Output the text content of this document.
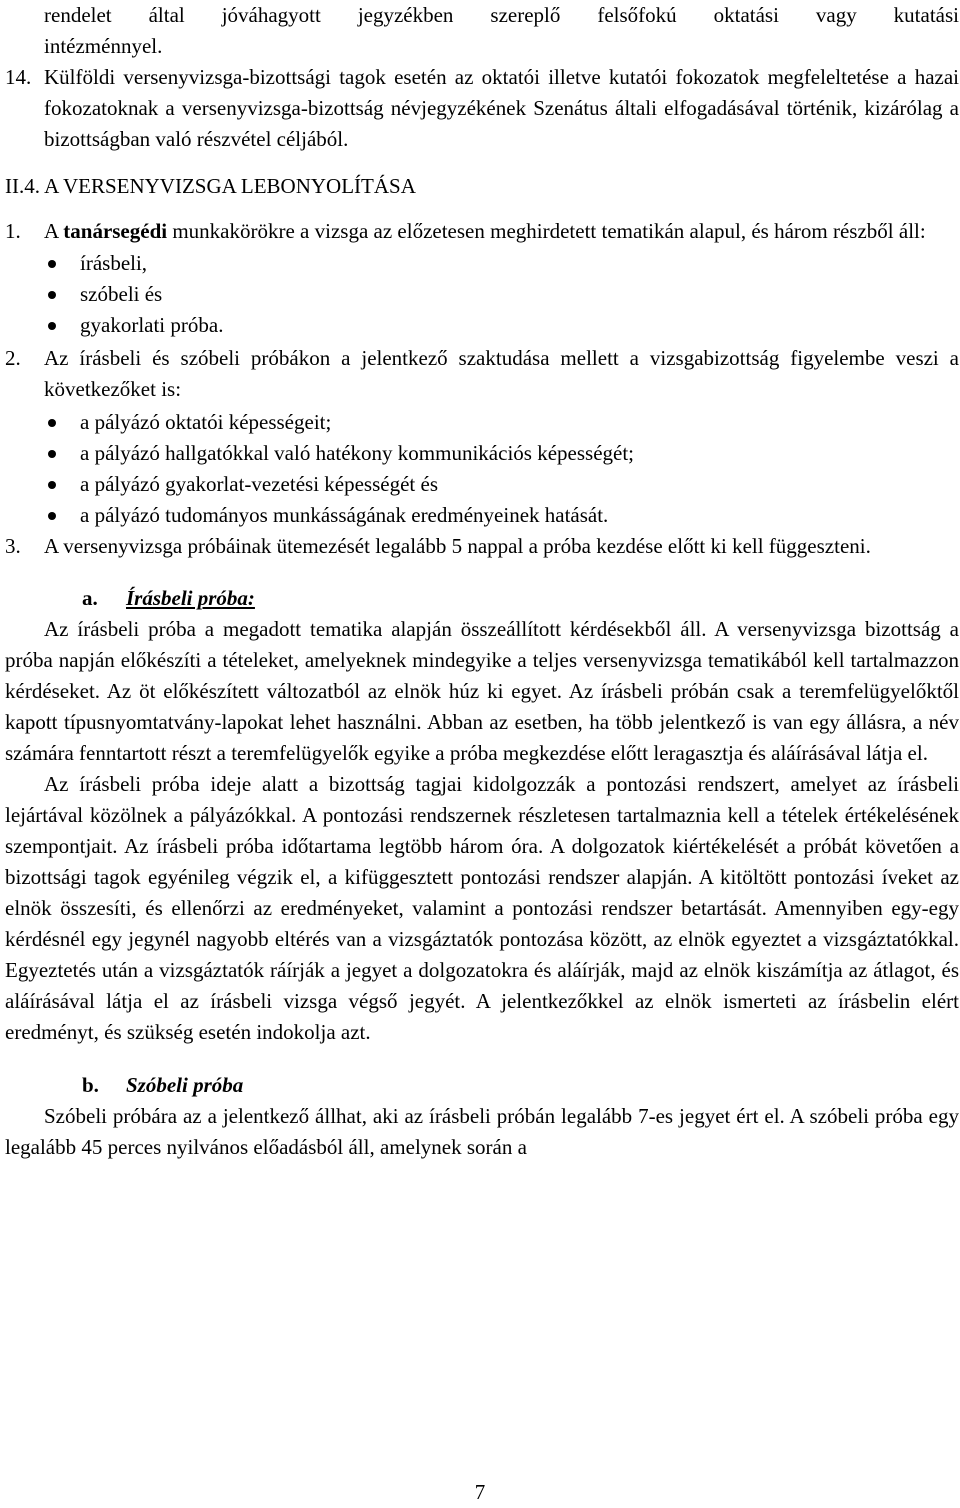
rendelet által jóváhagyott jegyzékben szereplő felsőfokú oktatási vagy kutatási

intézménnyel.

14. Külföldi versenyvizsga-bizottsági tagok esetén az oktatói illetve kutatói fokozatok megfeleltetése a hazai fokozatoknak a versenyvizsga-bizottság névjegyzékének Szenátus általi elfogadásával történik, kizárólag a bizottságban való részvétel céljából.

II.4. A VERSENYVIZSGA LEBONYOLÍTÁSA

1.	A tanársegédi munkakörökre a vizsga az előzetesen meghirdetett tematikán alapul, és három részből áll:
írásbeli,
szóbeli és
gyakorlati próba.
2.	Az írásbeli és szóbeli próbákon a jelentkező szaktudása mellett a vizsgabizottság figyelembe veszi a következőket is:
a pályázó oktatói képességeit;
a pályázó hallgatókkal való hatékony kommunikációs képességét;
a pályázó gyakorlat-vezetési képességét és
a pályázó tudományos munkásságának eredményeinek hatását.
3.	A versenyvizsga próbáinak ütemezését legalább 5 nappal a próba kezdése előtt ki kell függeszteni.
a.	Írásbeli próba:

Az írásbeli próba a megadott tematika alapján összeállított kérdésekből áll. A versenyvizsga bizottság a próba napján előkészíti a tételeket, amelyeknek mindegyike a teljes versenyvizsga tematikából kell tartalmazzon kérdéseket. Az öt előkészített változatból az elnök húz ki egyet. Az írásbeli próbán csak a teremfelügyelőktől kapott típusnyomtatvány-lapokat lehet használni. Abban az esetben, ha több jelentkező is van egy állásra, a név számára fenntartott részt a teremfelügyelők egyike a próba megkezdése előtt leragasztja és aláírásával látja el.

Az írásbeli próba ideje alatt a bizottság tagjai kidolgozzák a pontozási rendszert, amelyet az írásbeli lejártával közölnek a pályázókkal. A pontozási rendszernek részletesen tartalmaznia kell a tételek értékelésének szempontjait. Az írásbeli próba időtartama legtöbb három óra. A dolgozatok kiértékelését a próbát követően a bizottsági tagok egyénileg végzik el, a kifüggesztett pontozási rendszer alapján. A kitöltött pontozási íveket az elnök összesíti, és ellenőrzi az eredményeket, valamint a pontozási rendszer betartását. Amennyiben egy-egy kérdésnél egy jegynél nagyobb eltérés van a vizsgáztatók pontozása között, az elnök egyeztet a vizsgáztatókkal. Egyeztetés után a vizsgáztatók ráírják a jegyet a dolgozatokra és aláírják, majd az elnök kiszámítja az átlagot, és aláírásával látja el az írásbeli vizsga végső jegyét. A jelentkezőkkel az elnök ismerteti az írásbelin elért eredményt, és szükség esetén indokolja azt.

b.	Szóbeli próba

Szóbeli próbára az a jelentkező állhat, aki az írásbeli próbán legalább 7-es jegyet ért el. A szóbeli próba egy legalább 45 perces nyilvános előadásból áll, amelynek során a

7
